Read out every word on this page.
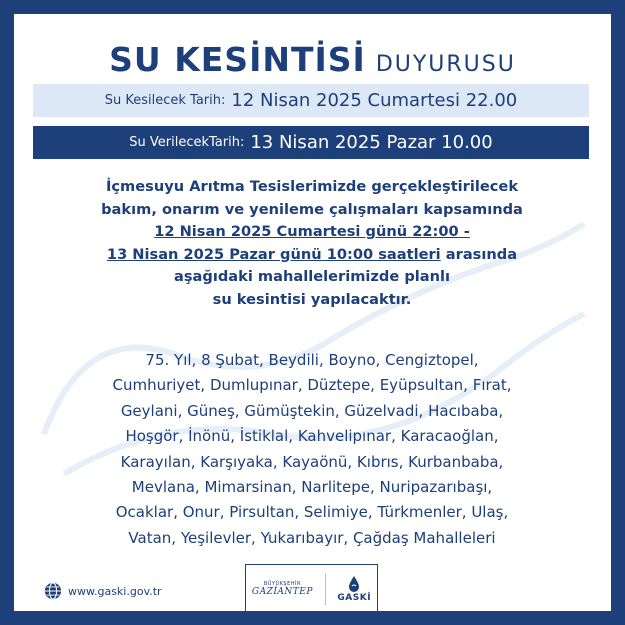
SU KESİNTİSİ DUYURUSU
Su Kesilecek Tarih: 12 Nisan 2025 Cumartesi 22.00
Su VerilecekTarih: 13 Nisan 2025 Pazar 10.00
İçmesuyu Arıtma Tesislerimizde gerçekleştirilecek
bakım, onarım ve yenileme çalışmaları kapsamında
12 Nisan 2025 Cumartesi günü 22:00 -
13 Nisan 2025 Pazar günü 10:00 saatleri arasında
aşağıdaki mahallelerimizde planlı
su kesintisi yapılacaktır.
75. Yıl, 8 Şubat, Beydili, Boyno, Cengiztopel,
Cumhuriyet, Dumlupınar, Düztepe, Eyüpsultan, Fırat,
Geylani, Güneş, Gümüştekin, Güzelvadi, Hacıbaba,
Hoşgör, İnönü, İstiklal, Kahvelipınar, Karacaoğlan,
Karayılan, Karşıyaka, Kayaönü, Kıbrıs, Kurbanbaba,
Mevlana, Mimarsinan, Narlitepe, Nuripazarıbaşı,
Ocaklar, Onur, Pirsultan, Selimiye, Türkmenler, Ulaş,
Vatan, Yeşilevler, Yukarıbayır, Çağdaş Mahalleleri
www.gaski.gov.tr
BÜYÜKŞEHİR
GAZİANTEP
GASKİ
